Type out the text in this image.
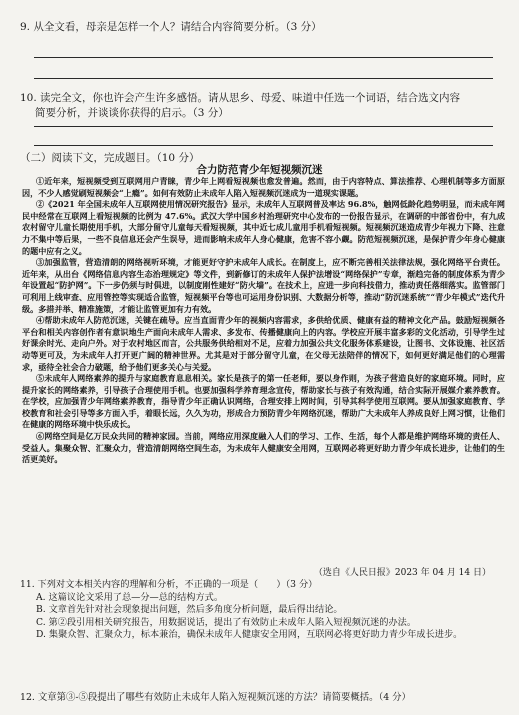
9. 从全文看，母亲是怎样一个人？请结合内容简要分析。（3 分）
10. 读完全文，你也许会产生许多感悟。请从思乡、母爱、味道中任选一个词语，结合选文内容
简要分析，并谈谈你获得的启示。（3 分）
（二）阅读下文，完成题目。（10 分）
合力防范青少年短视频沉迷

①近年来，短视频受到互联网用户青睐，青少年上网看短视频也愈发普遍。然而，由于内容特点、算法推荐、心理机制等多方面原因，不少人感觉刷短视频会“上瘾”。如何有效防止未成年人陷入短视频沉迷成为一道现实课题。

②《2021 年全国未成年人互联网使用情况研究报告》显示，未成年人互联网普及率达 96.8%，触网低龄化趋势明显，而未成年网民中经常在互联网上看短视频的比例为 47.6%。武汉大学中国乡村治理研究中心发布的一份报告显示，在调研的中部省份中，有九成农村留守儿童长期使用手机，大部分留守儿童每天看短视频，其中近七成儿童用手机看短视频。短视频沉迷造成青少年视力下降、注意力不集中等后果，一些不良信息还会产生误导，进而影响未成年人身心健康，危害不容小觑。防范短视频沉迷，是保护青少年身心健康的题中应有之义。

③加强监管，营造清朗的网络视听环境，才能更好守护未成年人成长。在制度上，应不断完善相关法律法规，强化网络平台责任。近年来，从出台《网络信息内容生态治理规定》等文件，到新修订的未成年人保护法增设“网络保护”专章，渐趋完备的制度体系为青少年设置起“防护网”。下一步仍须与时俱进，以制度刚性建好“防火墙”。在技术上，应进一步向科技借力，推动责任落细落实。监管部门可利用上线审查、应用管控等实现适合监管，短视频平台等也可运用身份识别、大数据分析等，推动“防沉迷系统”“青少年模式”迭代升级。多措并举、精准施策，才能让监管更加有力有效。

④帮助未成年人防范沉迷，关键在疏导。应当直面青少年的视频内容需求，多供给优质、健康有益的精神文化产品。鼓励短视频各平台和相关内容创作者有意识地生产面向未成年人需求、多发布、传播健康向上的内容。学校应开展丰富多彩的文化活动，引导学生过好课余时光、走向户外。对于农村地区而言，公共服务供给相对不足，应着力加强公共文化服务体系建设，让图书、文体设施、社区活动等更可及，为未成年人打开更广阔的精神世界。尤其是对于部分留守儿童，在父母无法陪伴的情况下，如何更好满足他们的心理需求，亟待全社会合力破题，给予他们更多关心与关爱。

⑤未成年人网络素养的提升与家庭教育息息相关。家长是孩子的第一任老师，要以身作则，为孩子营造良好的家庭环境。同时，应提升家长的网络素养，引导孩子合理使用手机。也要加强科学养育理念宣传，帮助家长与孩子有效沟通，结合实际开展媒介素养教育。在学校，应加强青少年网络素养教育，指导青少年正确认识网络，合理安排上网时间，引导其科学使用互联网。要从加强家庭教育、学校教育和社会引导等多方面入手，着眼长远，久久为功，形成合力预防青少年网络沉迷，帮助广大未成年人养成良好上网习惯，让他们在健康的网络环境中快乐成长。

⑥网络空间是亿万民众共同的精神家园。当前，网络应用深度融入人们的学习、工作、生活，每个人都是维护网络环境的责任人、受益人。集聚众智、汇聚众力，营造清朗网络空间生态，为未成年人健康安全用网，互联网必将更好助力青少年成长进步，让他们的生活更美好。

（选自《人民日报》2023 年 04 月 14 日）
11. 下列对文本相关内容的理解和分析，不正确的一项是（　　）（3 分）
A. 这篇议论文采用了总—分—总的结构方式。
B. 文章首先针对社会现象提出问题，然后多角度分析问题，最后得出结论。
C. 第②段引用相关研究报告，用数据说话，提出了有效防止未成年人陷入短视频沉迷的办法。
D. 集聚众智、汇聚众力，标本兼治，确保未成年人健康安全用网，互联网必将更好助力青少年成长进步。
12. 文章第③-⑤段提出了哪些有效防止未成年人陷入短视频沉迷的方法？请简要概括。（4 分）
